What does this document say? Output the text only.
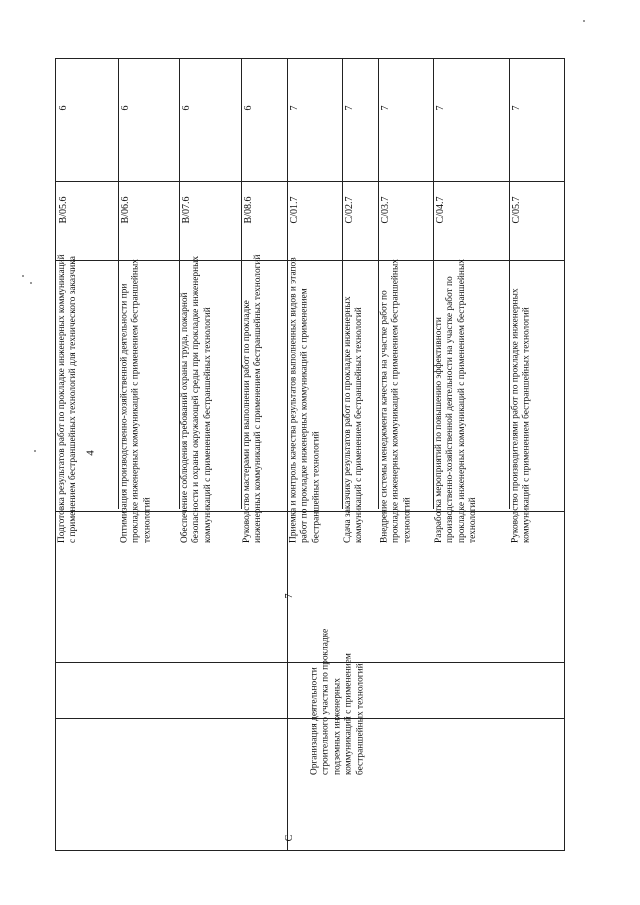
4
C
Организация деятельности строительного участка по прокладке подземных инженерных коммуникаций с применением бестраншейных технологий
7
Подготовка результатов работ по прокладке инженерных коммуникаций с применением бестраншейных технологий для технического заказчика
B/05.6
6
Оптимизация производственно-хозяйственной деятельности при прокладке инженерных коммуникаций с применением бестраншейных технологий
B/06.6
6
Обеспечение соблюдения требований охраны труда, пожарной безопасности и охраны окружающей среды при прокладке инженерных коммуникаций с применением бестраншейных технологий
B/07.6
6
Руководство мастерами при выполнении работ по прокладке инженерных коммуникаций с применением бестраншейных технологий
B/08.6
6
Приемка и контроль качества результатов выполненных видов и этапов работ по прокладке инженерных коммуникаций с применением бестраншейных технологий
C/01.7
7
Сдача заказчику результатов работ по прокладке инженерных коммуникаций с применением бестраншейных технологий
C/02.7
7
Внедрение системы менеджмента качества на участке работ по прокладке инженерных коммуникаций с применением бестраншейных технологий
C/03.7
7
Разработка мероприятий по повышению эффективности производственно-хозяйственной деятельности на участке работ по прокладке инженерных коммуникаций с применением бестраншейных технологий
C/04.7
7
Руководство производителями работ по прокладке инженерных коммуникаций с применением бестраншейных технологий
C/05.7
7
